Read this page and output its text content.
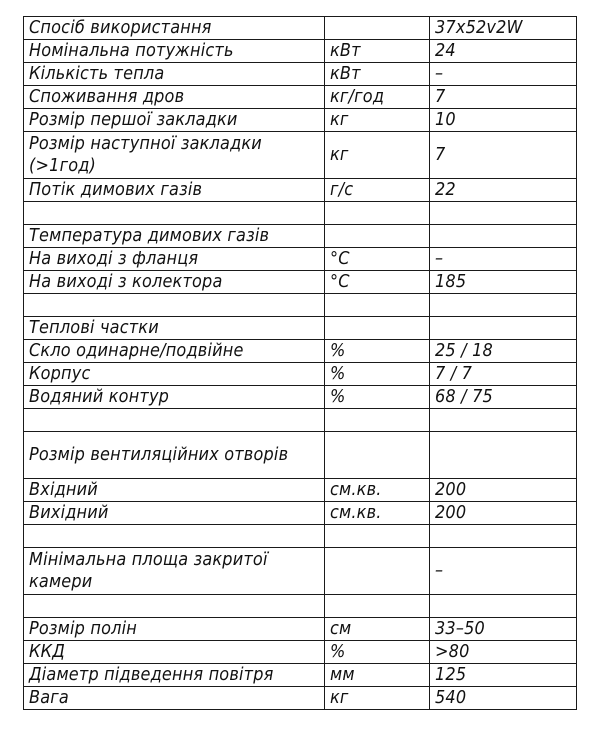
Спосіб використання		37x52v2W
Номінальна потужність	кВт	24
Кількість тепла	кВт	–
Споживання дров	кг/год	7
Розмір першої закладки	кг	10
Розмір наступної закладки (>1год)	кг	7
Потік димових газів	г/с	22

Температура димових газів		
На виході з фланця	°C	–
На виході з колектора	°C	185

Теплові частки		
Скло одинарне/подвійне	%	25 / 18
Корпус	%	7 / 7
Водяний контур	%	68 / 75

Розмір вентиляційних отворів		
Вхідний	см.кв.	200
Вихідний	см.кв.	200

Мінімальна площа закритої камери		–

Розмір полін	см	33–50
ККД	%	>80
Діаметр підведення повітря	мм	125
Вага	кг	540
